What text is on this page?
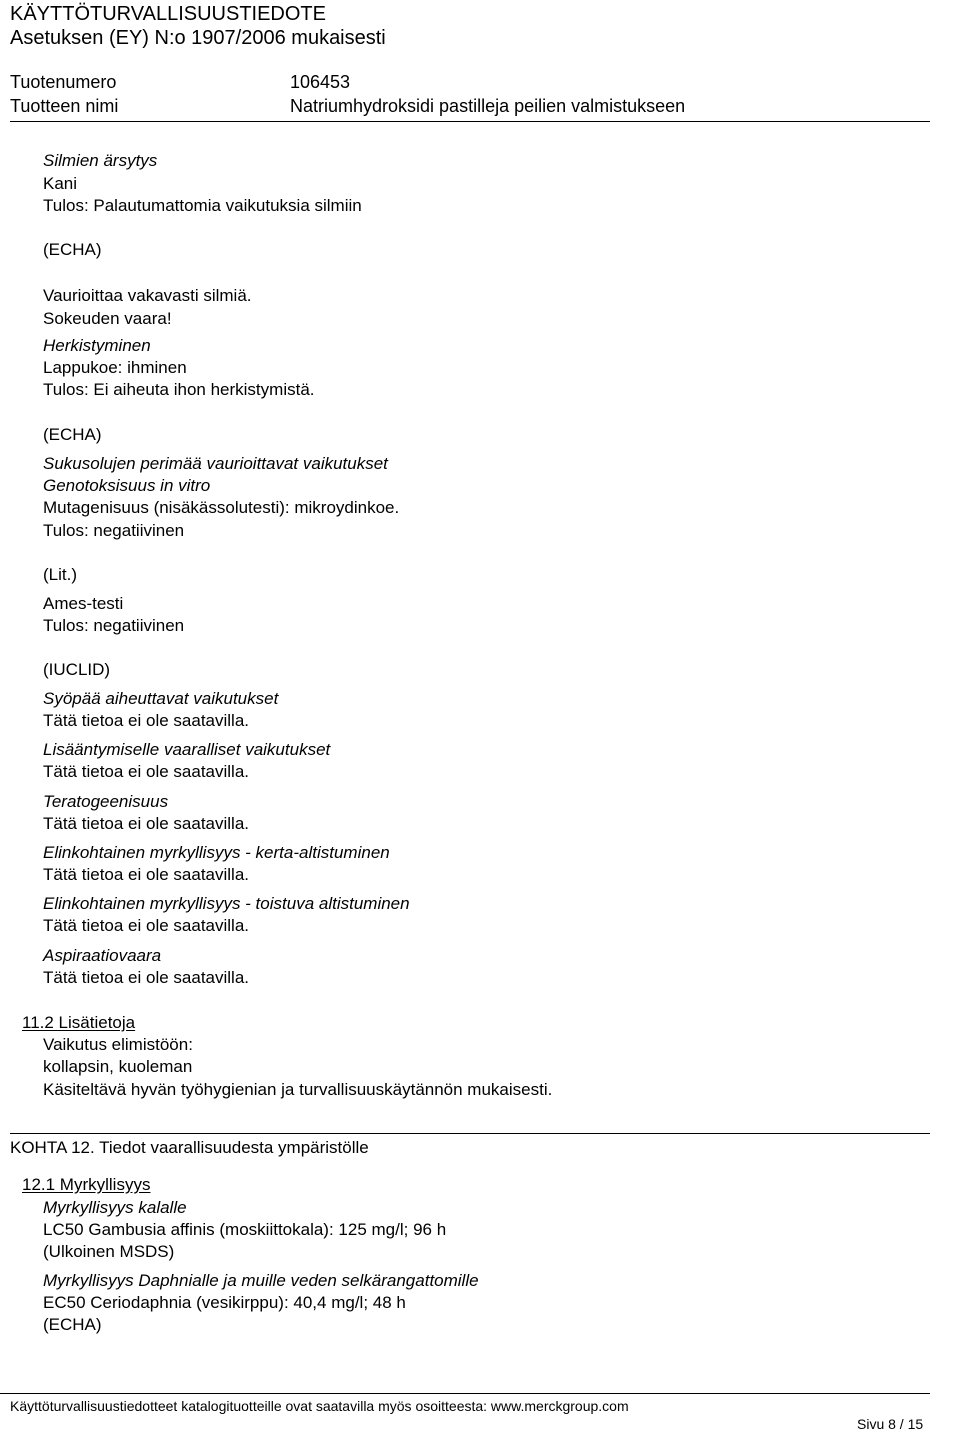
KÄYTTÖTURVALLISUUSTIEDOTE
Asetuksen (EY) N:o 1907/2006 mukaisesti
Tuotenumero	106453
Tuotteen nimi	Natriumhydroksidi pastilleja peilien valmistukseen
Silmien ärsytys
Kani
Tulos: Palautumattomia vaikutuksia silmiin
(ECHA)
Vaurioittaa vakavasti silmiä.
Sokeuden vaara!
Herkistyminen
Lappukoe: ihminen
Tulos: Ei aiheuta ihon herkistymistä.
(ECHA)
Sukusolujen perimää vaurioittavat vaikutukset
Genotoksisuus in vitro
Mutagenisuus (nisäkässolutesti): mikroydinkoe.
Tulos: negatiivinen
(Lit.)
Ames-testi
Tulos: negatiivinen
(IUCLID)
Syöpää aiheuttavat vaikutukset
Tätä tietoa ei ole saatavilla.
Lisääntymiselle vaaralliset vaikutukset
Tätä tietoa ei ole saatavilla.
Teratogeenisuus
Tätä tietoa ei ole saatavilla.
Elinkohtainen myrkyllisyys - kerta-altistuminen
Tätä tietoa ei ole saatavilla.
Elinkohtainen myrkyllisyys - toistuva altistuminen
Tätä tietoa ei ole saatavilla.
Aspiraatiovaara
Tätä tietoa ei ole saatavilla.
11.2 Lisätietoja
Vaikutus elimistöön:
kollapsin, kuoleman
Käsiteltävä hyvän työhygienian ja turvallisuuskäytännön mukaisesti.
KOHTA 12. Tiedot vaarallisuudesta ympäristölle
12.1 Myrkyllisyys
Myrkyllisyys kalalle
LC50 Gambusia affinis (moskiittokala): 125 mg/l; 96 h
(Ulkoinen MSDS)
Myrkyllisyys Daphnialle ja muille veden selkärangattomille
EC50 Ceriodaphnia (vesikirppu): 40,4 mg/l; 48 h
(ECHA)
Käyttöturvallisuustiedotteet katalogituotteille ovat saatavilla myös osoitteesta: www.merckgroup.com
Sivu 8 / 15
